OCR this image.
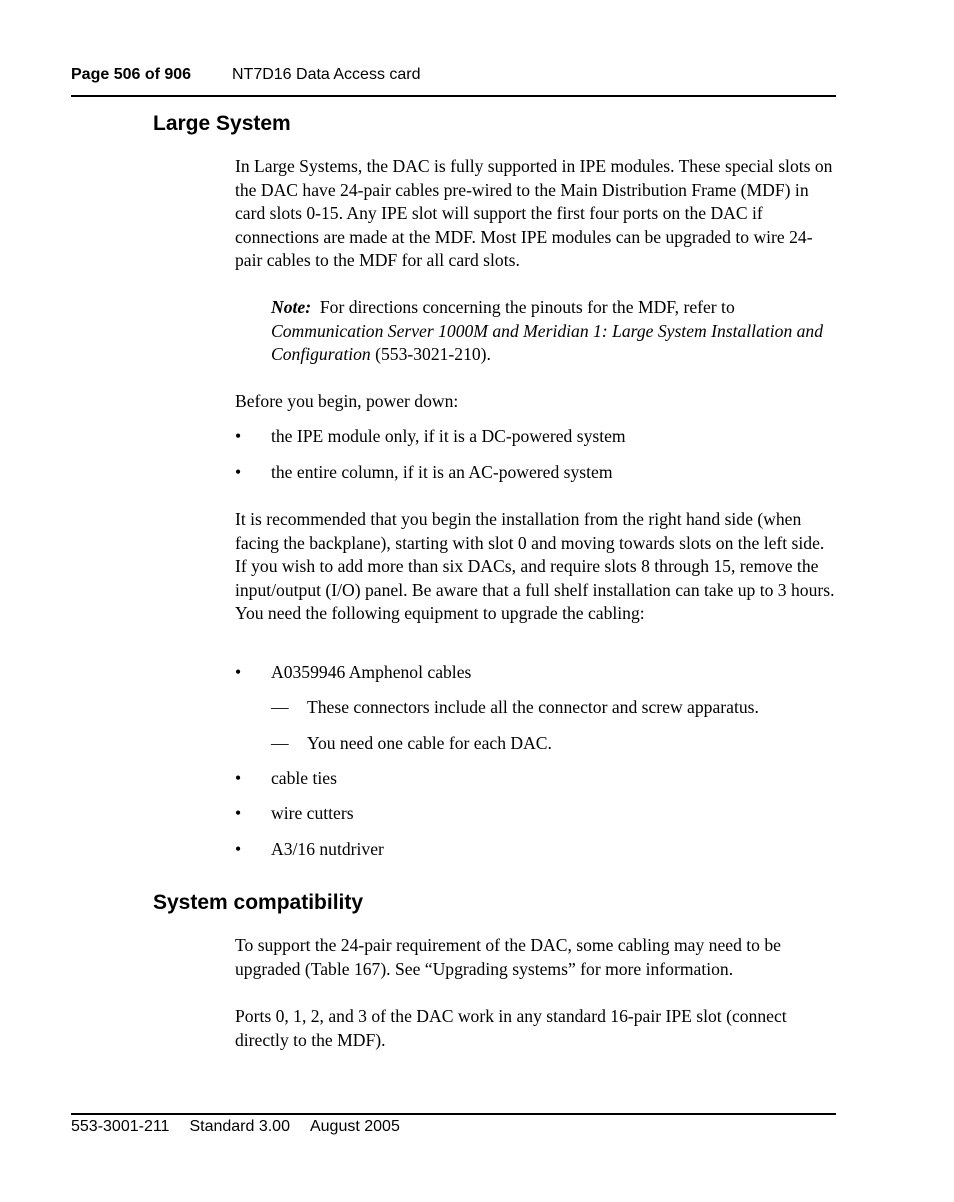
Page 506 of 906	NT7D16 Data Access card
Large System

In Large Systems, the DAC is fully supported in IPE modules. These special slots on the DAC have 24-pair cables pre-wired to the Main Distribution Frame (MDF) in card slots 0-15. Any IPE slot will support the first four ports on the DAC if connections are made at the MDF. Most IPE modules can be upgraded to wire 24-pair cables to the MDF for all card slots.

Note: For directions concerning the pinouts for the MDF, refer to Communication Server 1000M and Meridian 1: Large System Installation and Configuration (553-3021-210).

Before you begin, power down:

• the IPE module only, if it is a DC-powered system
• the entire column, if it is an AC-powered system

It is recommended that you begin the installation from the right hand side (when facing the backplane), starting with slot 0 and moving towards slots on the left side. If you wish to add more than six DACs, and require slots 8 through 15, remove the input/output (I/O) panel. Be aware that a full shelf installation can take up to 3 hours. You need the following equipment to upgrade the cabling:

• A0359946 Amphenol cables
— These connectors include all the connector and screw apparatus.
— You need one cable for each DAC.
• cable ties
• wire cutters
• A3/16 nutdriver
System compatibility

To support the 24-pair requirement of the DAC, some cabling may need to be upgraded (Table 167). See “Upgrading systems” for more information.

Ports 0, 1, 2, and 3 of the DAC work in any standard 16-pair IPE slot (connect directly to the MDF).

553-3001-211 Standard 3.00 August 2005
